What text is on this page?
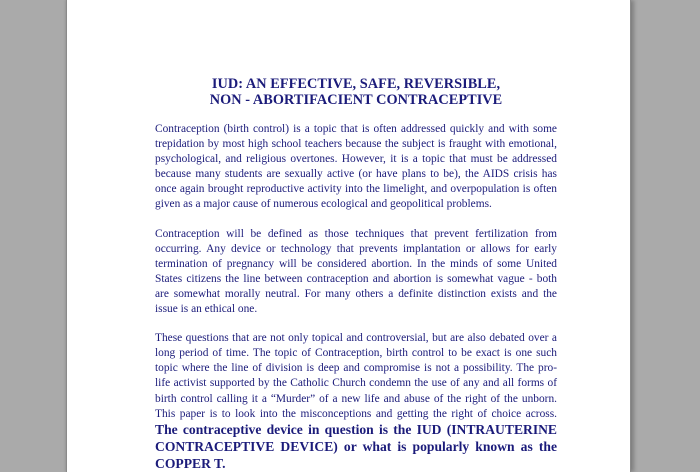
IUD: AN EFFECTIVE, SAFE, REVERSIBLE,
NON - ABORTIFACIENT CONTRACEPTIVE

Contraception (birth control) is a topic that is often addressed quickly and with some trepidation by most high school teachers because the subject is fraught with emotional, psychological, and religious overtones. However, it is a topic that must be addressed because many students are sexually active (or have plans to be), the AIDS crisis has once again brought reproductive activity into the limelight, and overpopulation is often given as a major cause of numerous ecological and geopolitical problems.

Contraception will be defined as those techniques that prevent fertilization from occurring. Any device or technology that prevents implantation or allows for early termination of pregnancy will be considered abortion. In the minds of some United States citizens the line between contraception and abortion is somewhat vague - both are somewhat morally neutral. For many others a definite distinction exists and the issue is an ethical one.

These questions that are not only topical and controversial, but are also debated over a long period of time. The topic of Contraception, birth control to be exact is one such topic where the line of division is deep and compromise is not a possibility. The pro- life activist supported by the Catholic Church condemn the use of any and all forms of birth control calling it a “Murder” of a new life and abuse of the right of the unborn. This paper is to look into the misconceptions and getting the right of choice across. The contraceptive device in question is the IUD (INTRAUTERINE CONTRACEPTIVE DEVICE) or what is popularly known as the COPPER T.
